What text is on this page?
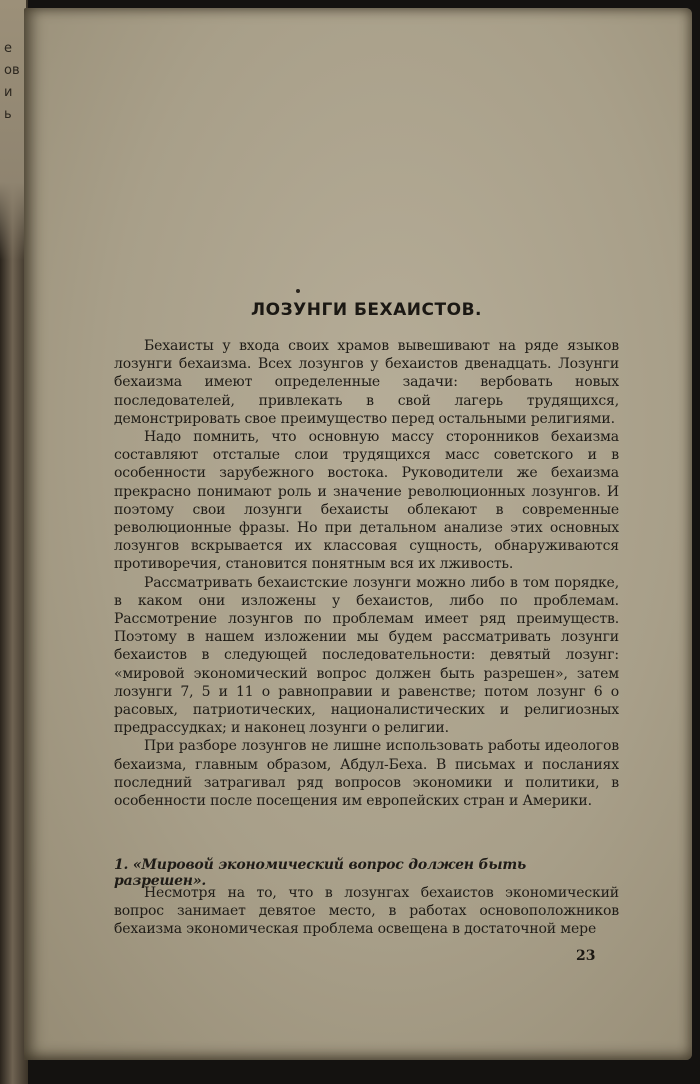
е
ов
и
ь
ЛОЗУНГИ БЕХАИСТОВ.

Бехаисты у входа своих храмов вывешивают на ряде языков лозунги бехаизма. Всех лозунгов у бехаистов двенадцать. Лозунги бехаизма имеют определенные задачи: вербовать новых последователей, привлекать в свой лагерь трудящихся, демонстрировать свое преимущество перед остальными религиями.

Надо помнить, что основную массу сторонников бехаизма составляют отсталые слои трудящихся масс советского и в особенности зарубежного востока. Руководители же бехаизма прекрасно понимают роль и значение революционных лозунгов. И поэтому свои лозунги бехаисты облекают в современные революционные фразы. Но при детальном анализе этих основных лозунгов вскрывается их классовая сущность, обнаруживаются противоречия, становится понятным вся их лживость.

Рассматривать бехаистские лозунги можно либо в том порядке, в каком они изложены у бехаистов, либо по проблемам. Рассмотрение лозунгов по проблемам имеет ряд преимуществ. Поэтому в нашем изложении мы будем рассматривать лозунги бехаистов в следующей последовательности: девятый лозунг: «мировой экономический вопрос должен быть разрешен», затем лозунги 7, 5 и 11 о равноправии и равенстве; потом лозунг 6 о расовых, патриотических, националистических и религиозных предрассудках; и наконец лозунги о религии.

При разборе лозунгов не лишне использовать работы идеологов бехаизма, главным образом, Абдул-Беха. В письмах и посланиях последний затрагивал ряд вопросов экономики и политики, в особенности после посещения им европейских стран и Америки.

1. «Мировой экономический вопрос должен быть разрешен».

Несмотря на то, что в лозунгах бехаистов экономический вопрос занимает девятое место, в работах основоположников бехаизма экономическая проблема освещена в достаточной мере

23
